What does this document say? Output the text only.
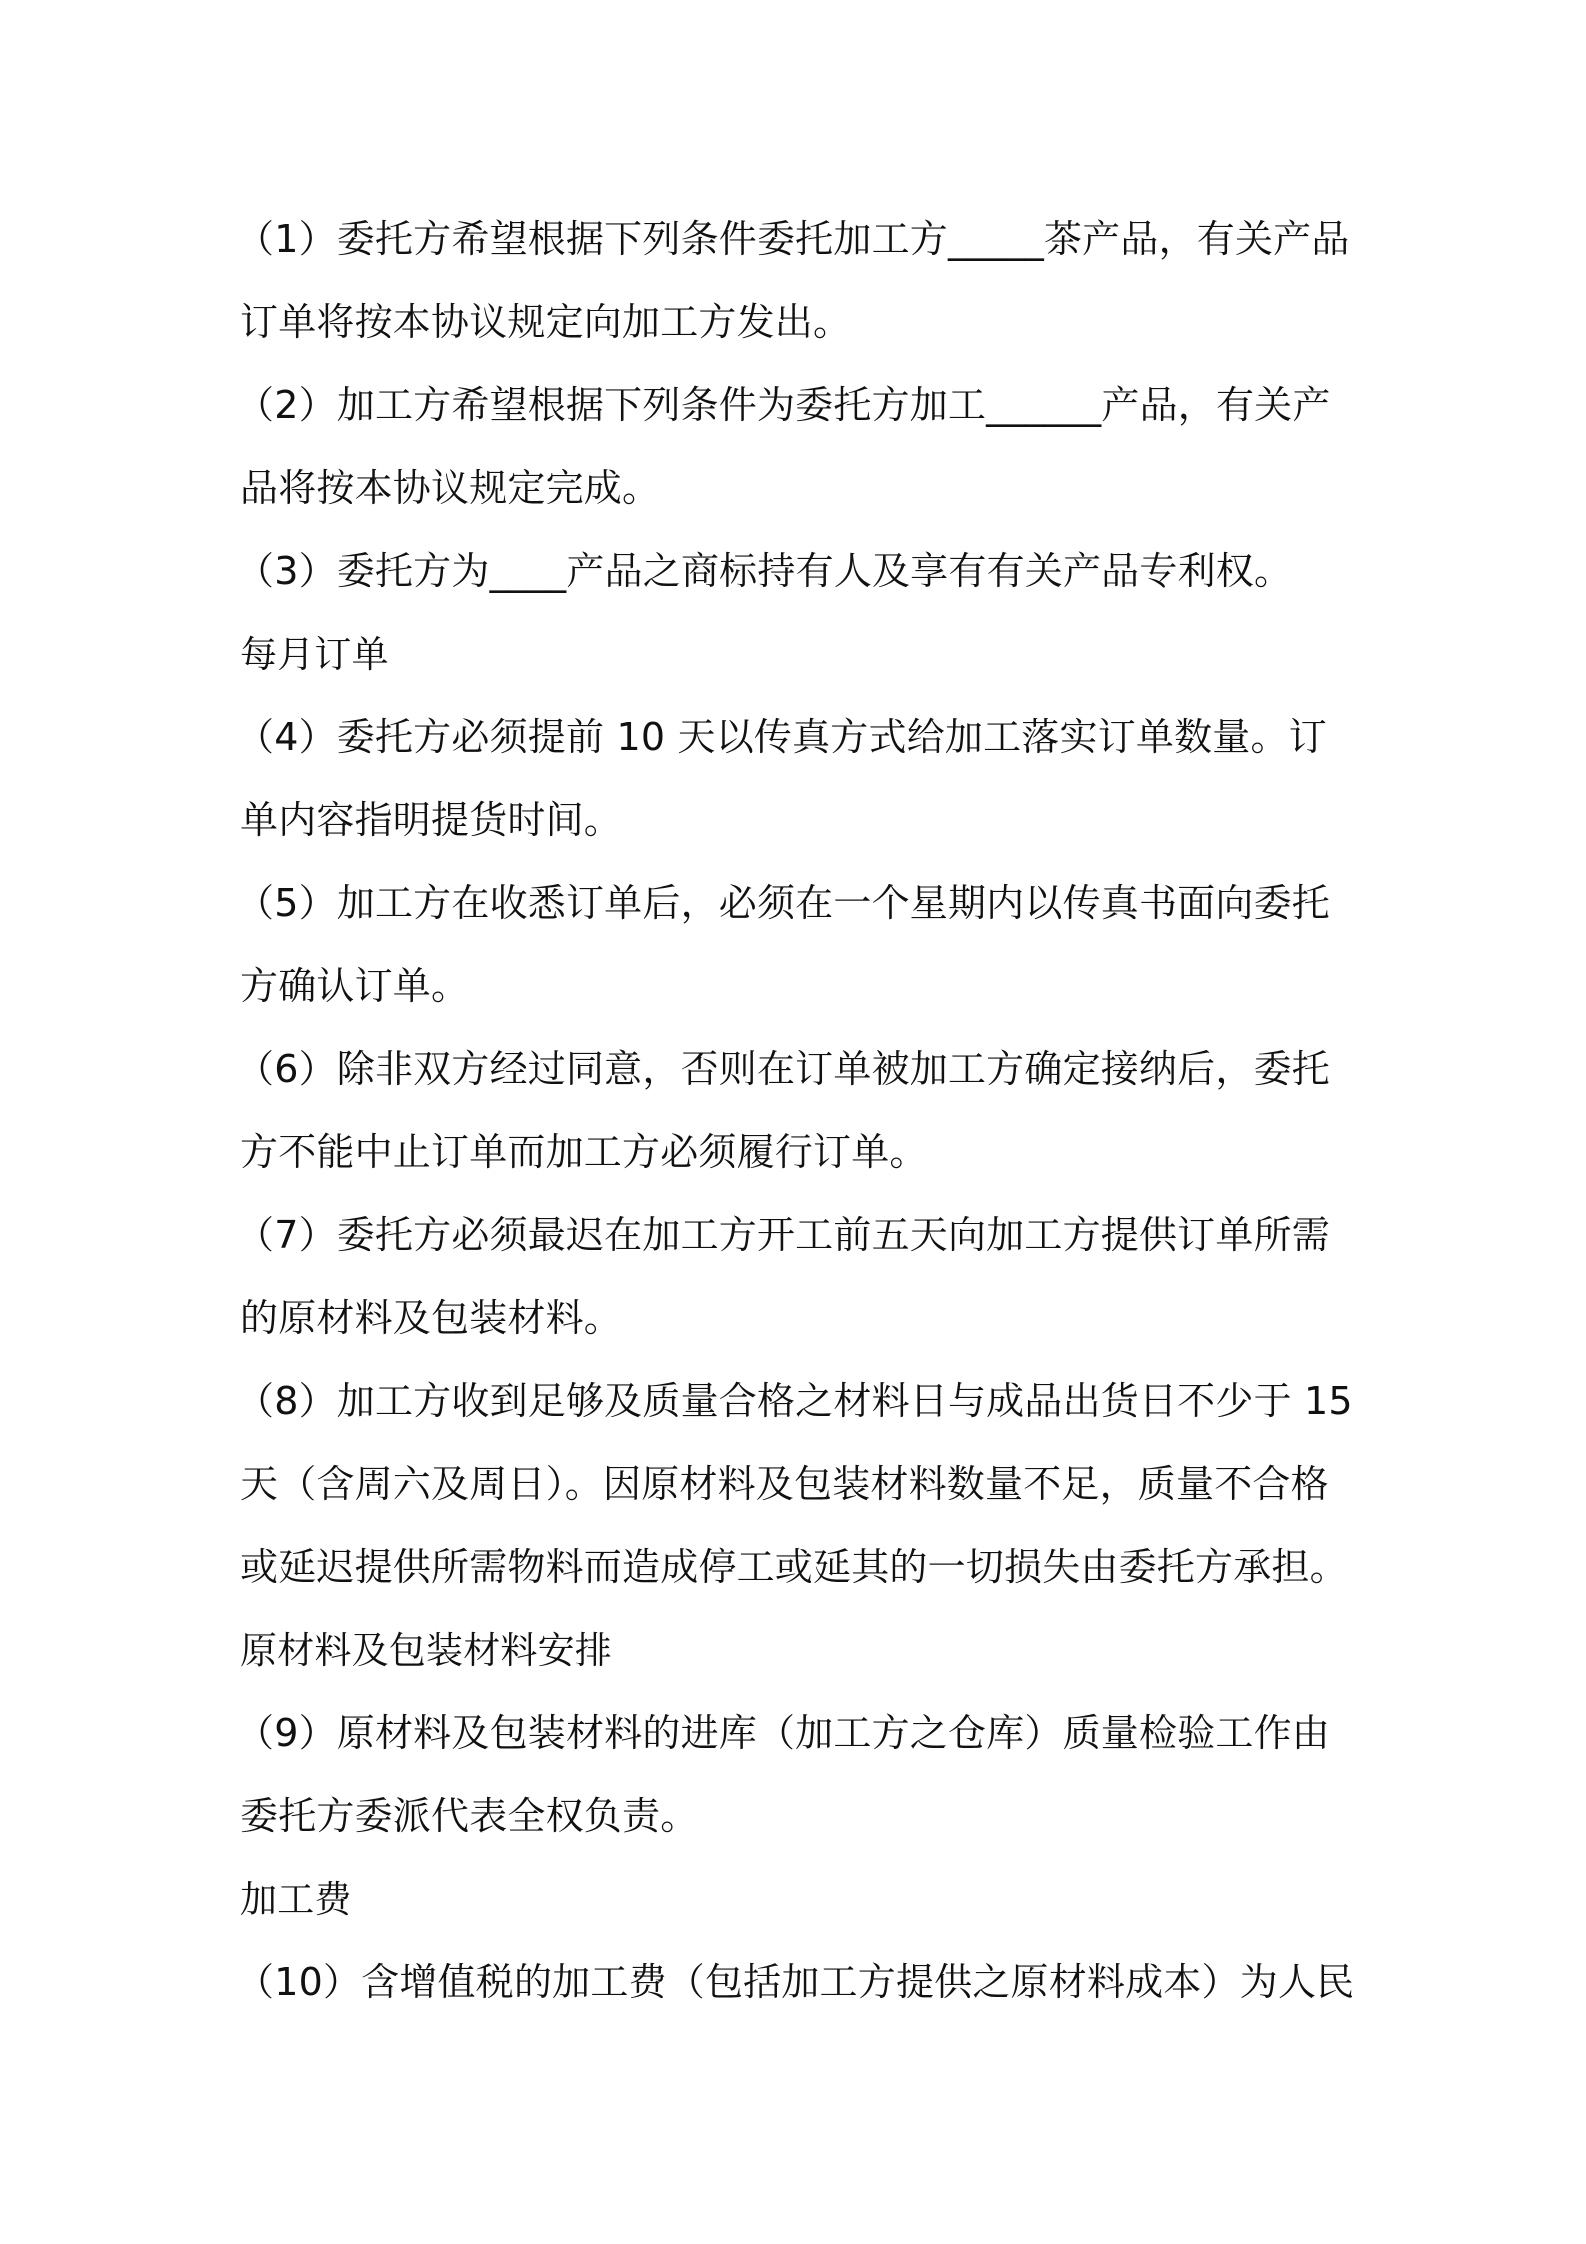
（1）委托方希望根据下列条件委托加工方_____茶产品，有关产品订单将按本协议规定向加工方发出。

（2）加工方希望根据下列条件为委托方加工______产品，有关产品将按本协议规定完成。

（3）委托方为____产品之商标持有人及享有有关产品专利权。

每月订单

（4）委托方必须提前 10 天以传真方式给加工落实订单数量。订单内容指明提货时间。

（5）加工方在收悉订单后，必须在一个星期内以传真书面向委托方确认订单。

（6）除非双方经过同意，否则在订单被加工方确定接纳后，委托方不能中止订单而加工方必须履行订单。

（7）委托方必须最迟在加工方开工前五天向加工方提供订单所需的原材料及包装材料。

（8）加工方收到足够及质量合格之材料日与成品出货日不少于 15 天（含周六及周日）。因原材料及包装材料数量不足，质量不合格或延迟提供所需物料而造成停工或延其的一切损失由委托方承担。

原材料及包装材料安排

（9）原材料及包装材料的进库（加工方之仓库）质量检验工作由委托方委派代表全权负责。

加工费

（10）含增值税的加工费（包括加工方提供之原材料成本）为人民
